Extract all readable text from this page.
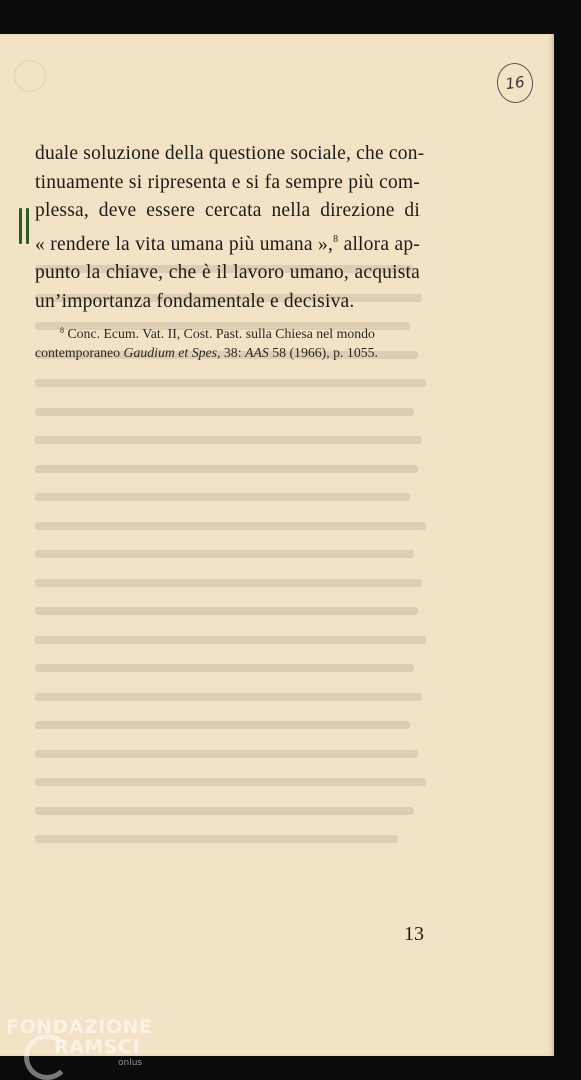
16
duale soluzione della questione sociale, che con-
tinuamente si ripresenta e si fa sempre più com-
plessa, deve essere cercata nella direzione di
« rendere la vita umana più umana »,$^8$ allora ap-
punto la chiave, che è il lavoro umano, acquista
un’importanza fondamentale e decisiva.
$^8$ Conc. Ecum. Vat. II, Cost. Past. sulla Chiesa nel mondo
contemporaneo Gaudium et Spes, 38: AAS 58 (1966), p. 1055.
13
FONDAZIONE
RAMSCI
onlus
